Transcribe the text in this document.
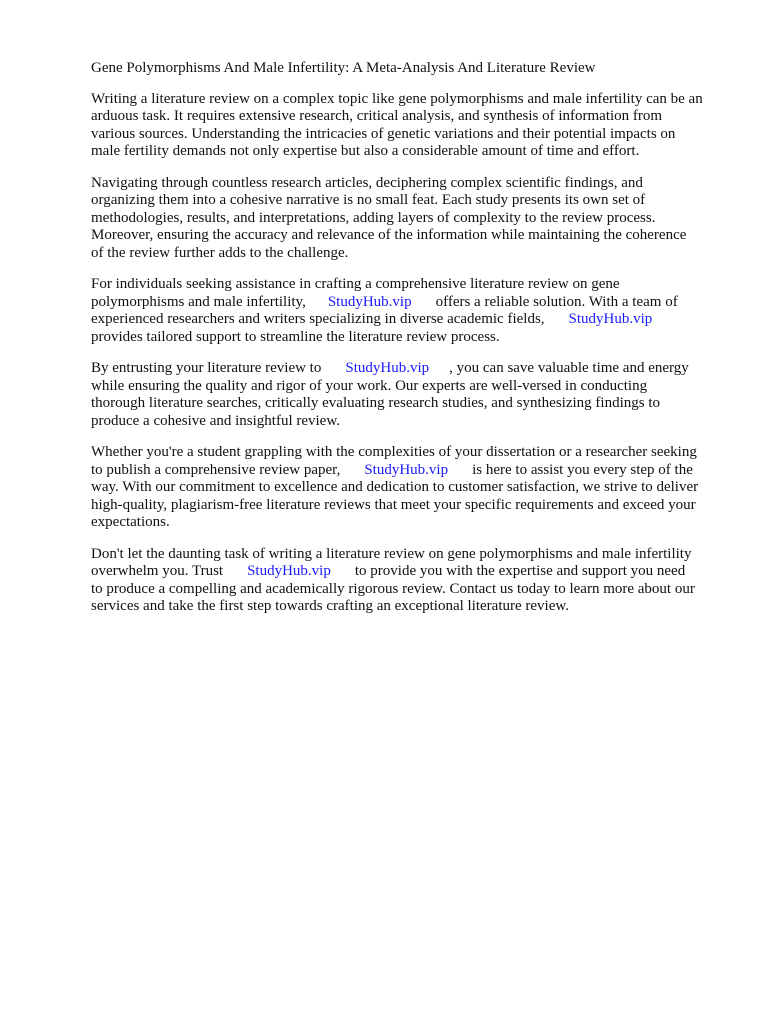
Gene Polymorphisms And Male Infertility: A Meta-Analysis And Literature Review

Writing a literature review on a complex topic like gene polymorphisms and male infertility can be an
arduous task. It requires extensive research, critical analysis, and synthesis of information from
various sources. Understanding the intricacies of genetic variations and their potential impacts on
male fertility demands not only expertise but also a considerable amount of time and effort.

Navigating through countless research articles, deciphering complex scientific findings, and
organizing them into a cohesive narrative is no small feat. Each study presents its own set of
methodologies, results, and interpretations, adding layers of complexity to the review process.
Moreover, ensuring the accuracy and relevance of the information while maintaining the coherence
of the review further adds to the challenge.

For individuals seeking assistance in crafting a comprehensive literature review on gene
polymorphisms and male infertility, StudyHub.vip offers a reliable solution. With a team of
experienced researchers and writers specializing in diverse academic fields, StudyHub.vip
provides tailored support to streamline the literature review process.

By entrusting your literature review to StudyHub.vip , you can save valuable time and energy
while ensuring the quality and rigor of your work. Our experts are well-versed in conducting
thorough literature searches, critically evaluating research studies, and synthesizing findings to
produce a cohesive and insightful review.

Whether you're a student grappling with the complexities of your dissertation or a researcher seeking
to publish a comprehensive review paper, StudyHub.vip is here to assist you every step of the
way. With our commitment to excellence and dedication to customer satisfaction, we strive to deliver
high-quality, plagiarism-free literature reviews that meet your specific requirements and exceed your
expectations.

Don't let the daunting task of writing a literature review on gene polymorphisms and male infertility
overwhelm you. Trust StudyHub.vip to provide you with the expertise and support you need
to produce a compelling and academically rigorous review. Contact us today to learn more about our
services and take the first step towards crafting an exceptional literature review.
